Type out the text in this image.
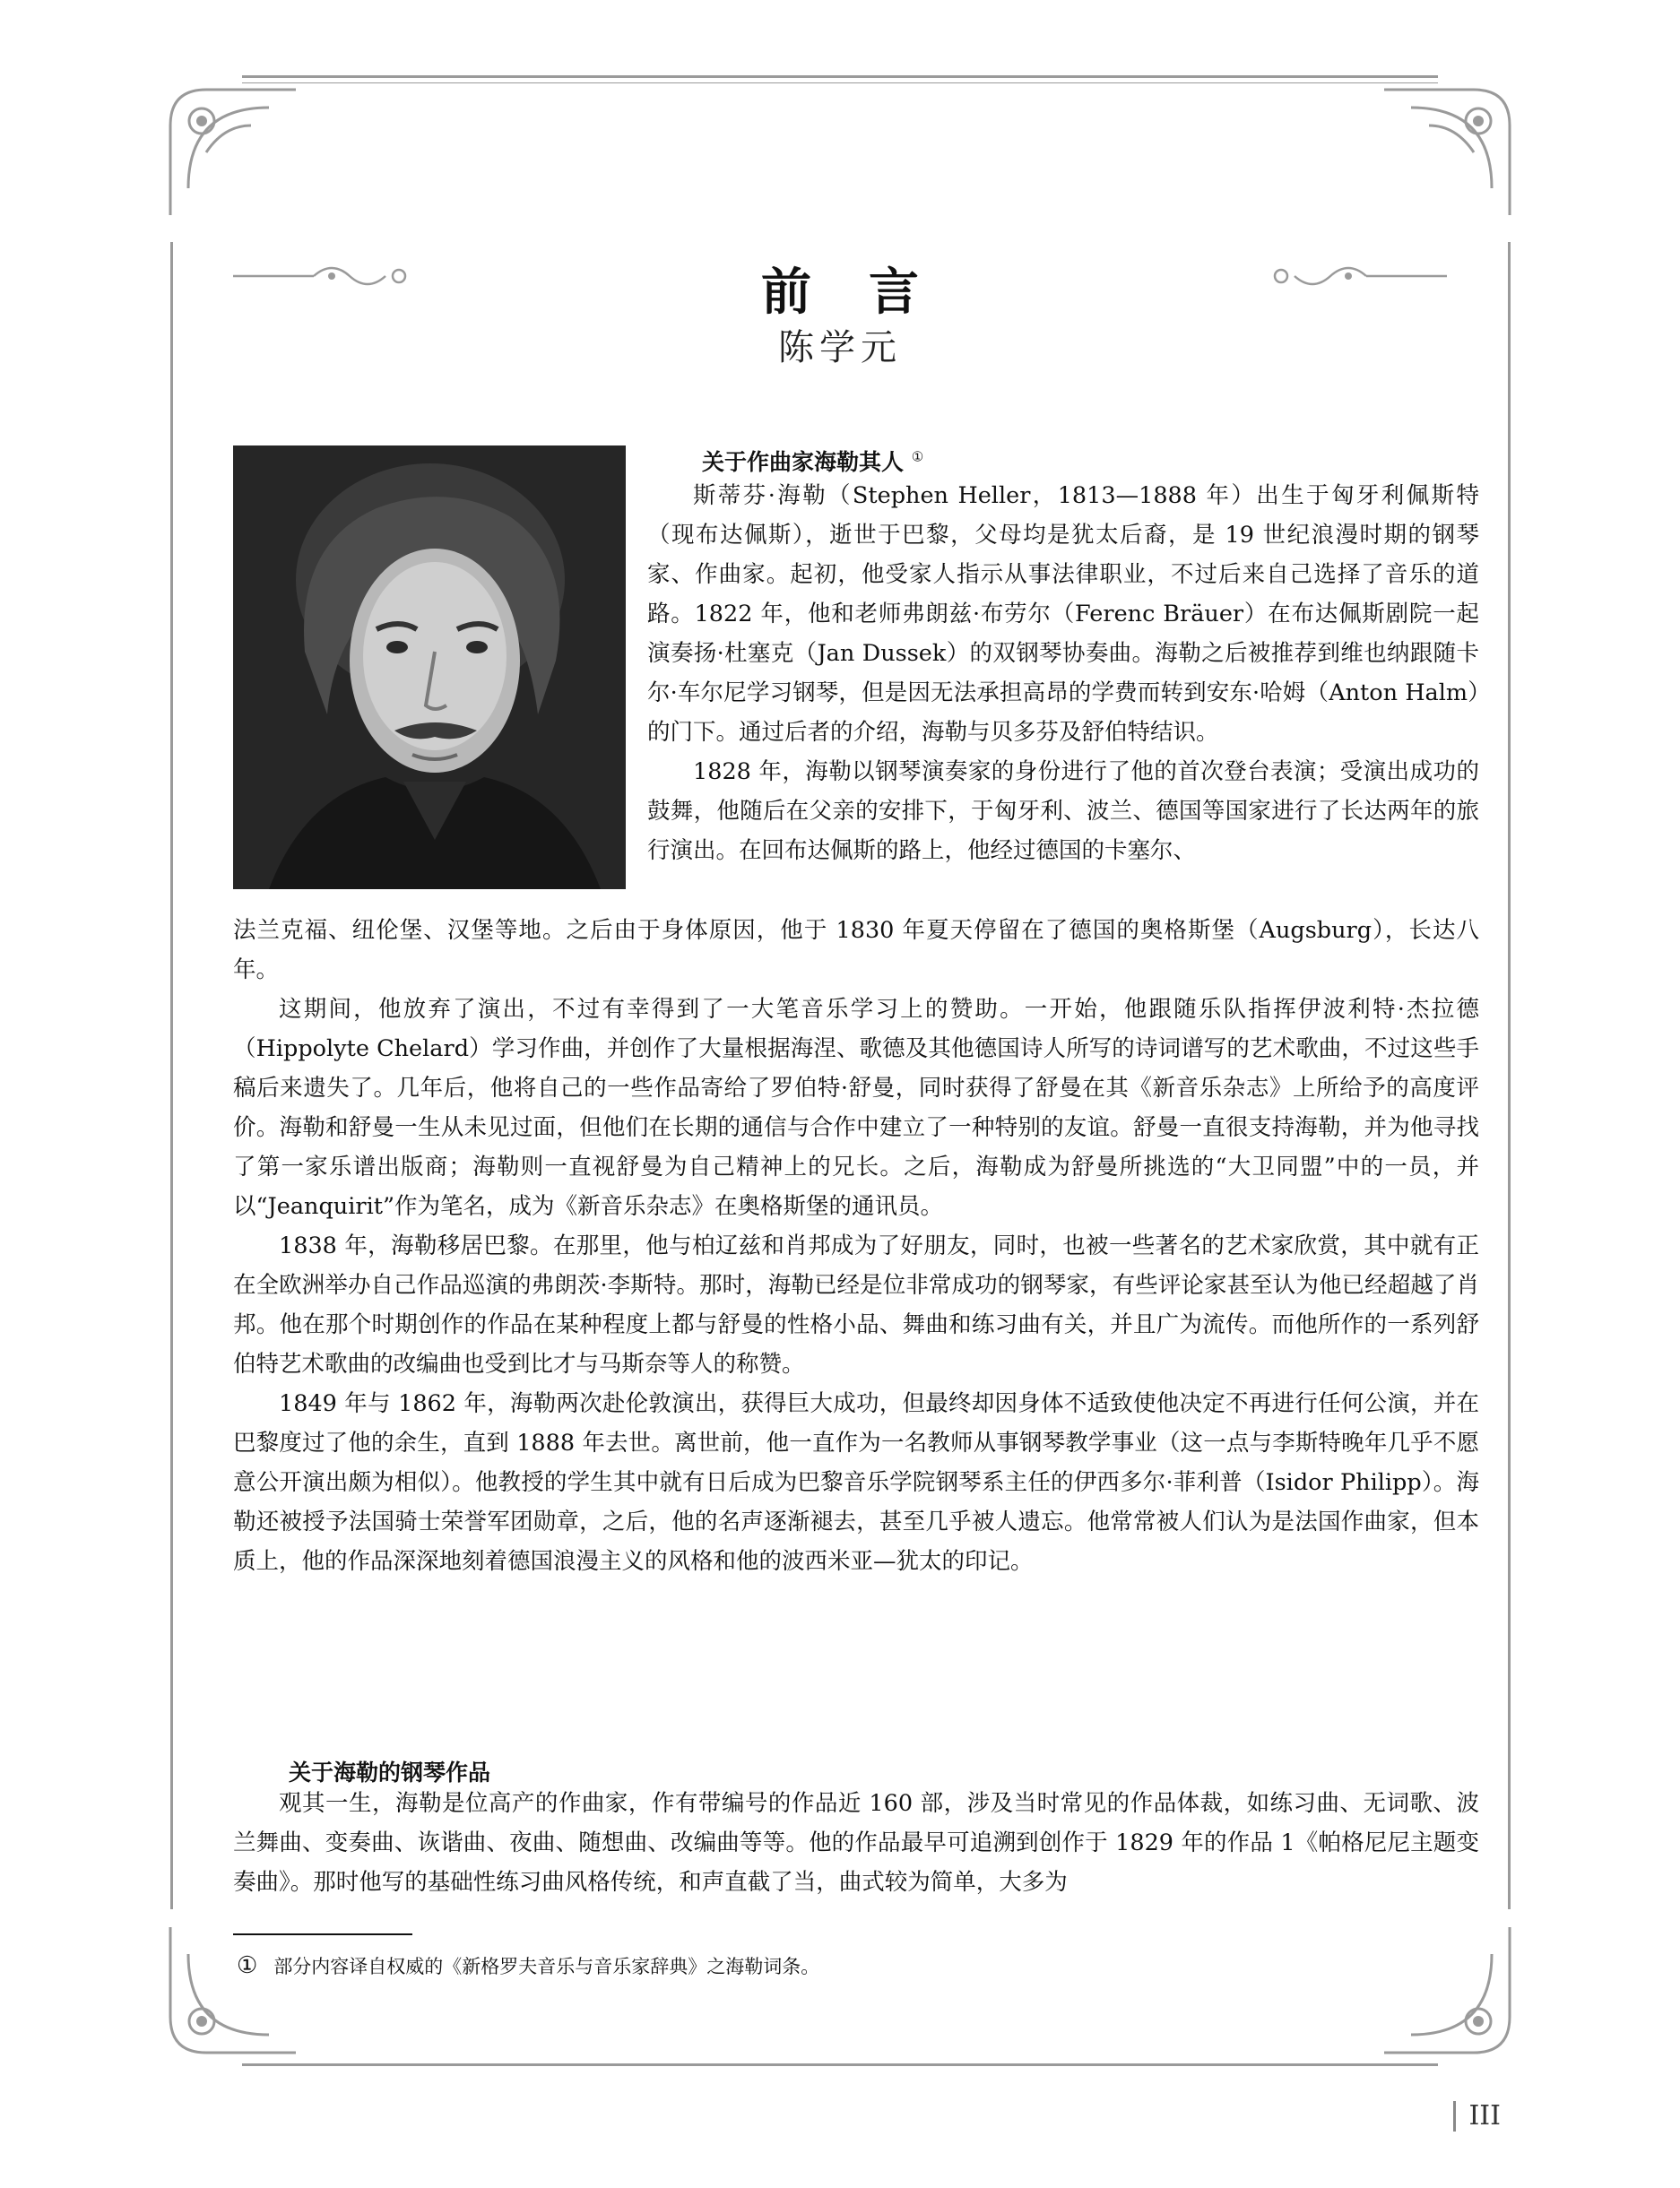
前言
陈学元
关于作曲家海勒其人 ①

斯蒂芬·海勒（Stephen Heller，1813—1888 年）出生于匈牙利佩斯特（现布达佩斯），逝世于巴黎，父母均是犹太后裔，是 19 世纪浪漫时期的钢琴家、作曲家。起初，他受家人指示从事法律职业，不过后来自己选择了音乐的道路。1822 年，他和老师弗朗兹·布劳尔（Ferenc Bräuer）在布达佩斯剧院一起演奏扬·杜塞克（Jan Dussek）的双钢琴协奏曲。海勒之后被推荐到维也纳跟随卡尔·车尔尼学习钢琴，但是因无法承担高昂的学费而转到安东·哈姆（Anton Halm）的门下。通过后者的介绍，海勒与贝多芬及舒伯特结识。

1828 年，海勒以钢琴演奏家的身份进行了他的首次登台表演；受演出成功的鼓舞，他随后在父亲的安排下，于匈牙利、波兰、德国等国家进行了长达两年的旅行演出。在回布达佩斯的路上，他经过德国的卡塞尔、

法兰克福、纽伦堡、汉堡等地。之后由于身体原因，他于 1830 年夏天停留在了德国的奥格斯堡（Augsburg），长达八年。

这期间，他放弃了演出，不过有幸得到了一大笔音乐学习上的赞助。一开始，他跟随乐队指挥伊波利特·杰拉德（Hippolyte Chelard）学习作曲，并创作了大量根据海涅、歌德及其他德国诗人所写的诗词谱写的艺术歌曲，不过这些手稿后来遗失了。几年后，他将自己的一些作品寄给了罗伯特·舒曼，同时获得了舒曼在其《新音乐杂志》上所给予的高度评价。海勒和舒曼一生从未见过面，但他们在长期的通信与合作中建立了一种特别的友谊。舒曼一直很支持海勒，并为他寻找了第一家乐谱出版商；海勒则一直视舒曼为自己精神上的兄长。之后，海勒成为舒曼所挑选的“大卫同盟”中的一员，并以“Jeanquirit”作为笔名，成为《新音乐杂志》在奥格斯堡的通讯员。

1838 年，海勒移居巴黎。在那里，他与柏辽兹和肖邦成为了好朋友，同时，也被一些著名的艺术家欣赏，其中就有正在全欧洲举办自己作品巡演的弗朗茨·李斯特。那时，海勒已经是位非常成功的钢琴家，有些评论家甚至认为他已经超越了肖邦。他在那个时期创作的作品在某种程度上都与舒曼的性格小品、舞曲和练习曲有关，并且广为流传。而他所作的一系列舒伯特艺术歌曲的改编曲也受到比才与马斯奈等人的称赞。

1849 年与 1862 年，海勒两次赴伦敦演出，获得巨大成功，但最终却因身体不适致使他决定不再进行任何公演，并在巴黎度过了他的余生，直到 1888 年去世。离世前，他一直作为一名教师从事钢琴教学事业（这一点与李斯特晚年几乎不愿意公开演出颇为相似）。他教授的学生其中就有日后成为巴黎音乐学院钢琴系主任的伊西多尔·菲利普（Isidor Philipp）。海勒还被授予法国骑士荣誉军团勋章，之后，他的名声逐渐褪去，甚至几乎被人遗忘。他常常被人们认为是法国作曲家，但本质上，他的作品深深地刻着德国浪漫主义的风格和他的波西米亚—犹太的印记。

关于海勒的钢琴作品

观其一生，海勒是位高产的作曲家，作有带编号的作品近 160 部，涉及当时常见的作品体裁，如练习曲、无词歌、波兰舞曲、变奏曲、诙谐曲、夜曲、随想曲、改编曲等等。他的作品最早可追溯到创作于 1829 年的作品 1《帕格尼尼主题变奏曲》。那时他写的基础性练习曲风格传统，和声直截了当，曲式较为简单，大多为

① 部分内容译自权威的《新格罗夫音乐与音乐家辞典》之海勒词条。
III
